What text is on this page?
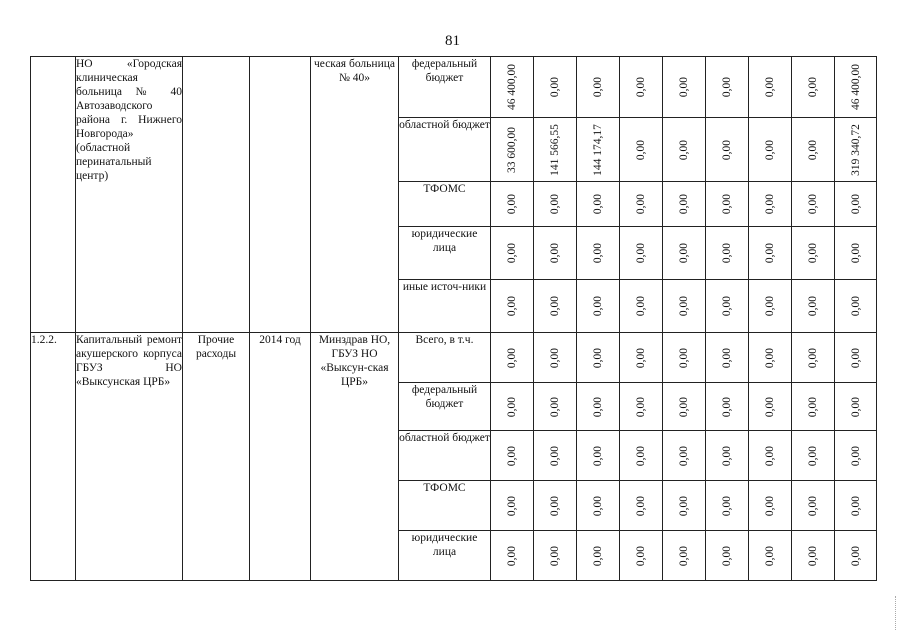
81
	НО «Городская клиническая больница № 40 Автозаводского района г. Нижнего Новгорода» (областной перинатальный центр)			ческая больница № 40»	федеральный бюджет	46 400,00	0,00	0,00	0,00	0,00	0,00	0,00	0,00	46 400,00

					областной бюджет	33 600,00	141 566,55	144 174,17	0,00	0,00	0,00	0,00	0,00	319 340,72

					ТФОМС	0,00	0,00	0,00	0,00	0,00	0,00	0,00	0,00	0,00

					юридические лица	0,00	0,00	0,00	0,00	0,00	0,00	0,00	0,00	0,00

					иные источ-ники	0,00	0,00	0,00	0,00	0,00	0,00	0,00	0,00	0,00

1.2.2.	Капитальный ремонт акушерского корпуса ГБУЗ НО «Выксунская ЦРБ»	Прочие расходы	2014 год	Минздрав НО, ГБУЗ НО «Выксун-ская ЦРБ»	Всего, в т.ч.	0,00	0,00	0,00	0,00	0,00	0,00	0,00	0,00	0,00

					федеральный бюджет	0,00	0,00	0,00	0,00	0,00	0,00	0,00	0,00	0,00

					областной бюджет	0,00	0,00	0,00	0,00	0,00	0,00	0,00	0,00	0,00

					ТФОМС	0,00	0,00	0,00	0,00	0,00	0,00	0,00	0,00	0,00

					юридические лица	0,00	0,00	0,00	0,00	0,00	0,00	0,00	0,00	0,00
